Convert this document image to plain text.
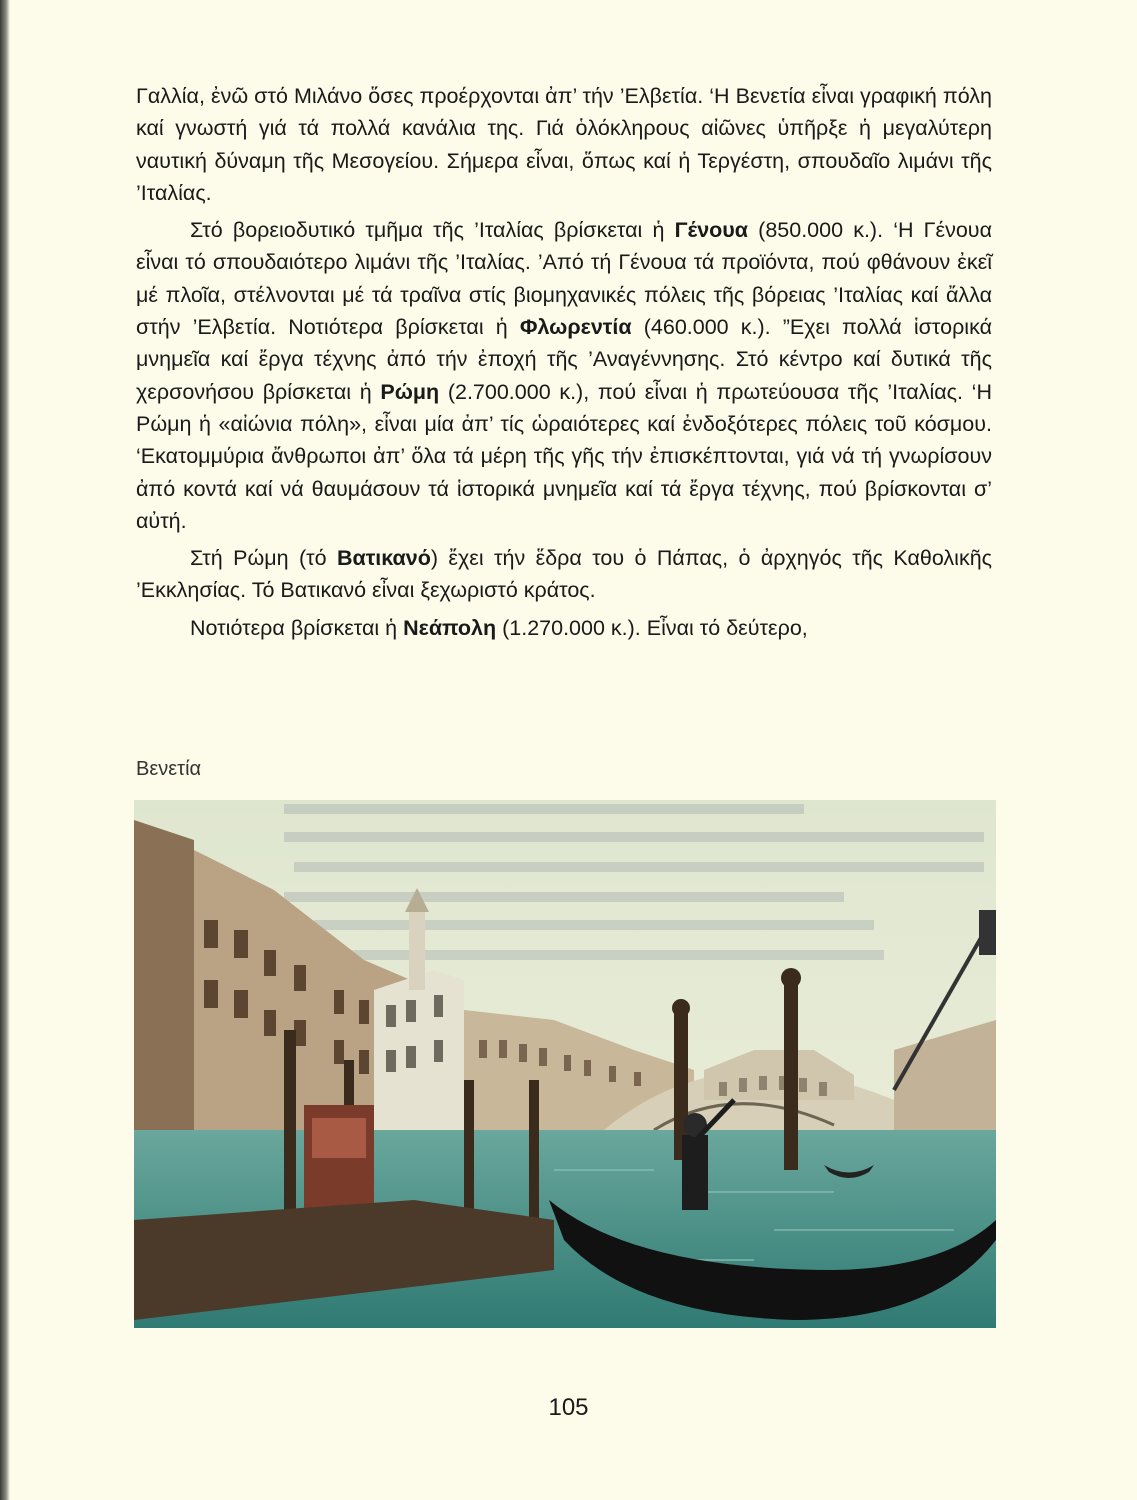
Γαλλία, ἐνῶ στό Μιλάνο ὅσες προέρχονται ἀπ’ τήν ’Ελβετία. ‘Η Βενετία εἶναι γραφική πόλη καί γνωστή γιά τά πολλά κανάλια της. Γιά ὁλόκληρους αἰῶνες ὑπῆρξε ἡ μεγαλύτερη ναυτική δύναμη τῆς Μεσογείου. Σήμερα εἶναι, ὅπως καί ἡ Τεργέστη, σπουδαῖο λιμάνι τῆς ’Ιταλίας.

Στό βορειοδυτικό τμῆμα τῆς ’Ιταλίας βρίσκεται ἡ Γένουα (850.000 κ.). ‘Η Γένουα εἶναι τό σπουδαιότερο λιμάνι τῆς ’Ιταλίας. ’Από τή Γένουα τά προϊόντα, πού φθάνουν ἐκεῖ μέ πλοῖα, στέλνονται μέ τά τραῖνα στίς βιομηχανικές πόλεις τῆς βόρειας ’Ιταλίας καί ἄλλα στήν ’Ελβετία. Νοτιότερα βρίσκεται ἡ Φλωρεντία (460.000 κ.). ”Εχει πολλά ἱστορικά μνημεῖα καί ἔργα τέχνης ἀπό τήν ἐποχή τῆς ’Αναγέννησης. Στό κέντρο καί δυτικά τῆς χερσονήσου βρίσκεται ἡ Ρώμη (2.700.000 κ.), πού εἶναι ἡ πρωτεύουσα τῆς ’Ιταλίας. ‘Η Ρώμη ἡ «αἰώνια πόλη», εἶναι μία ἀπ’ τίς ὡραιότερες καί ἐνδοξότερες πόλεις τοῦ κόσμου. ‘Εκατομμύρια ἄνθρωποι ἀπ’ ὅλα τά μέρη τῆς γῆς τήν ἐπισκέπτονται, γιά νά τή γνωρίσουν ἀπό κοντά καί νά θαυμάσουν τά ἱστορικά μνημεῖα καί τά ἔργα τέχνης, πού βρίσκονται σ’ αὐτή.

Στή Ρώμη (τό Βατικανό) ἔχει τήν ἕδρα του ὁ Πάπας, ὁ ἀρχηγός τῆς Καθολικῆς ’Εκκλησίας. Τό Βατικανό εἶναι ξεχωριστό κράτος.

Νοτιότερα βρίσκεται ἡ Νεάπολη (1.270.000 κ.). Εἶναι τό δεύτερο,

Βενετία
105
